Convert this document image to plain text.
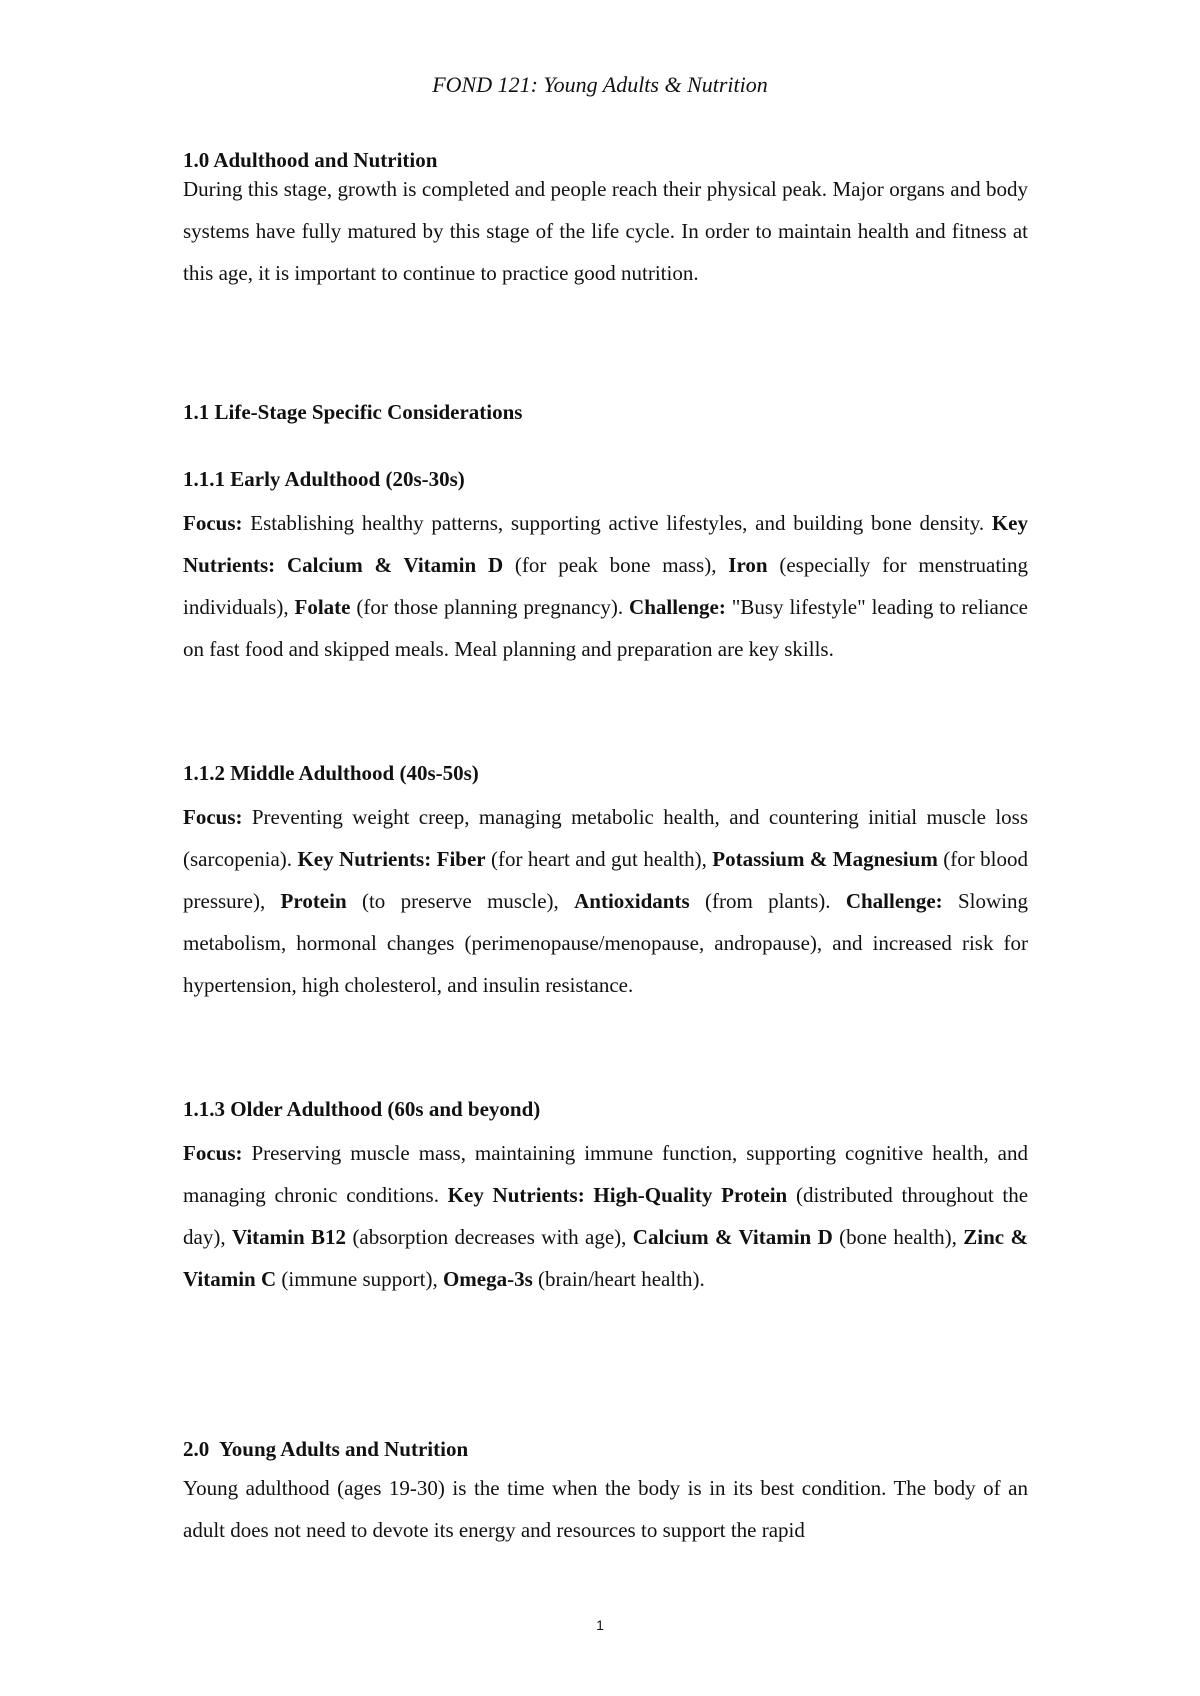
FOND 121: Young Adults & Nutrition
1.0 Adulthood and Nutrition
During this stage, growth is completed and people reach their physical peak. Major organs and body systems have fully matured by this stage of the life cycle. In order to maintain health and fitness at this age, it is important to continue to practice good nutrition.
1.1 Life-Stage Specific Considerations
1.1.1 Early Adulthood (20s-30s)
Focus: Establishing healthy patterns, supporting active lifestyles, and building bone density. Key Nutrients: Calcium & Vitamin D (for peak bone mass), Iron (especially for menstruating individuals), Folate (for those planning pregnancy). Challenge: "Busy lifestyle" leading to reliance on fast food and skipped meals. Meal planning and preparation are key skills.
1.1.2 Middle Adulthood (40s-50s)
Focus: Preventing weight creep, managing metabolic health, and countering initial muscle loss (sarcopenia). Key Nutrients: Fiber (for heart and gut health), Potassium & Magnesium (for blood pressure), Protein (to preserve muscle), Antioxidants (from plants). Challenge: Slowing metabolism, hormonal changes (perimenopause/menopause, andropause), and increased risk for hypertension, high cholesterol, and insulin resistance.
1.1.3 Older Adulthood (60s and beyond)
Focus: Preserving muscle mass, maintaining immune function, supporting cognitive health, and managing chronic conditions. Key Nutrients: High-Quality Protein (distributed throughout the day), Vitamin B12 (absorption decreases with age), Calcium & Vitamin D (bone health), Zinc & Vitamin C (immune support), Omega-3s (brain/heart health).
2.0  Young Adults and Nutrition
Young adulthood (ages 19-30) is the time when the body is in its best condition. The body of an adult does not need to devote its energy and resources to support the rapid
1
